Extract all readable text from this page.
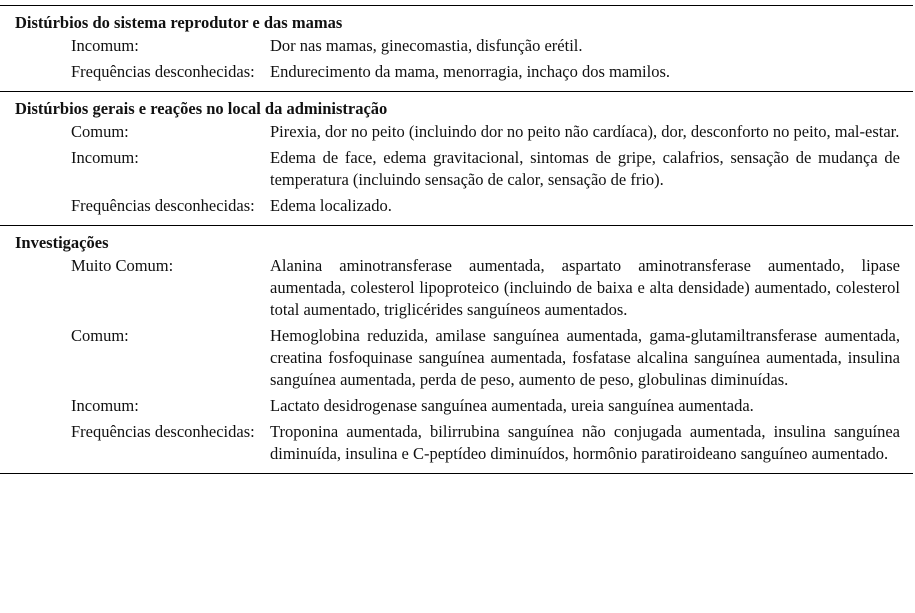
Distúrbios do sistema reprodutor e das mamas
Incomum:	Dor nas mamas, ginecomastia, disfunção erétil.
Frequências desconhecidas: Endurecimento da mama, menorragia, inchaço dos mamilos.
Distúrbios gerais e reações no local da administração
Comum:	Pirexia, dor no peito (incluindo dor no peito não cardíaca), dor, desconforto no peito, mal-estar.
Incomum:	Edema de face, edema gravitacional, sintomas de gripe, calafrios, sensação de mudança de temperatura (incluindo sensação de calor, sensação de frio).
Frequências desconhecidas: Edema localizado.
Investigações
Muito Comum:	Alanina aminotransferase aumentada, aspartato aminotransferase aumentado, lipase aumentada, colesterol lipoproteico (incluindo de baixa e alta densidade) aumentado, colesterol total aumentado, triglicérides sanguíneos aumentados.
Comum:	Hemoglobina reduzida, amilase sanguínea aumentada, gama-glutamiltransferase aumentada, creatina fosfoquinase sanguínea aumentada, fosfatase alcalina sanguínea aumentada, insulina sanguínea aumentada, perda de peso, aumento de peso, globulinas diminuídas.
Incomum:	Lactato desidrogenase sanguínea aumentada, ureia sanguínea aumentada.
Frequências desconhecidas: Troponina aumentada, bilirrubina sanguínea não conjugada aumentada, insulina sanguínea diminuída, insulina e C-peptídeo diminuídos, hormônio paratiroideano sanguíneo aumentado.
